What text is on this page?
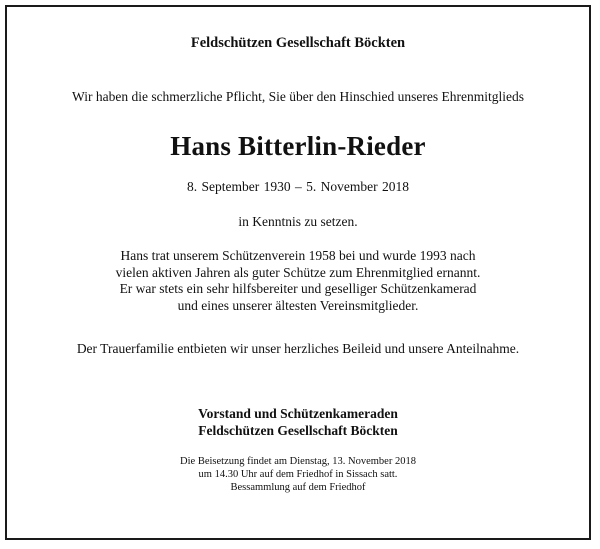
Feldschützen Gesellschaft Böckten
Wir haben die schmerzliche Pflicht, Sie über den Hinschied unseres Ehrenmitglieds
Hans Bitterlin-Rieder
8. September 1930 – 5. November 2018
in Kenntnis zu setzen.
Hans trat unserem Schützenverein 1958 bei und wurde 1993 nach
vielen aktiven Jahren als guter Schütze zum Ehrenmitglied ernannt.
Er war stets ein sehr hilfsbereiter und geselliger Schützenkamerad
und eines unserer ältesten Vereinsmitglieder.
Der Trauerfamilie entbieten wir unser herzliches Beileid und unsere Anteilnahme.
Vorstand und Schützenkameraden
Feldschützen Gesellschaft Böckten
Die Beisetzung findet am Dienstag, 13. November 2018
um 14.30 Uhr auf dem Friedhof in Sissach satt.
Bessammlung auf dem Friedhof
